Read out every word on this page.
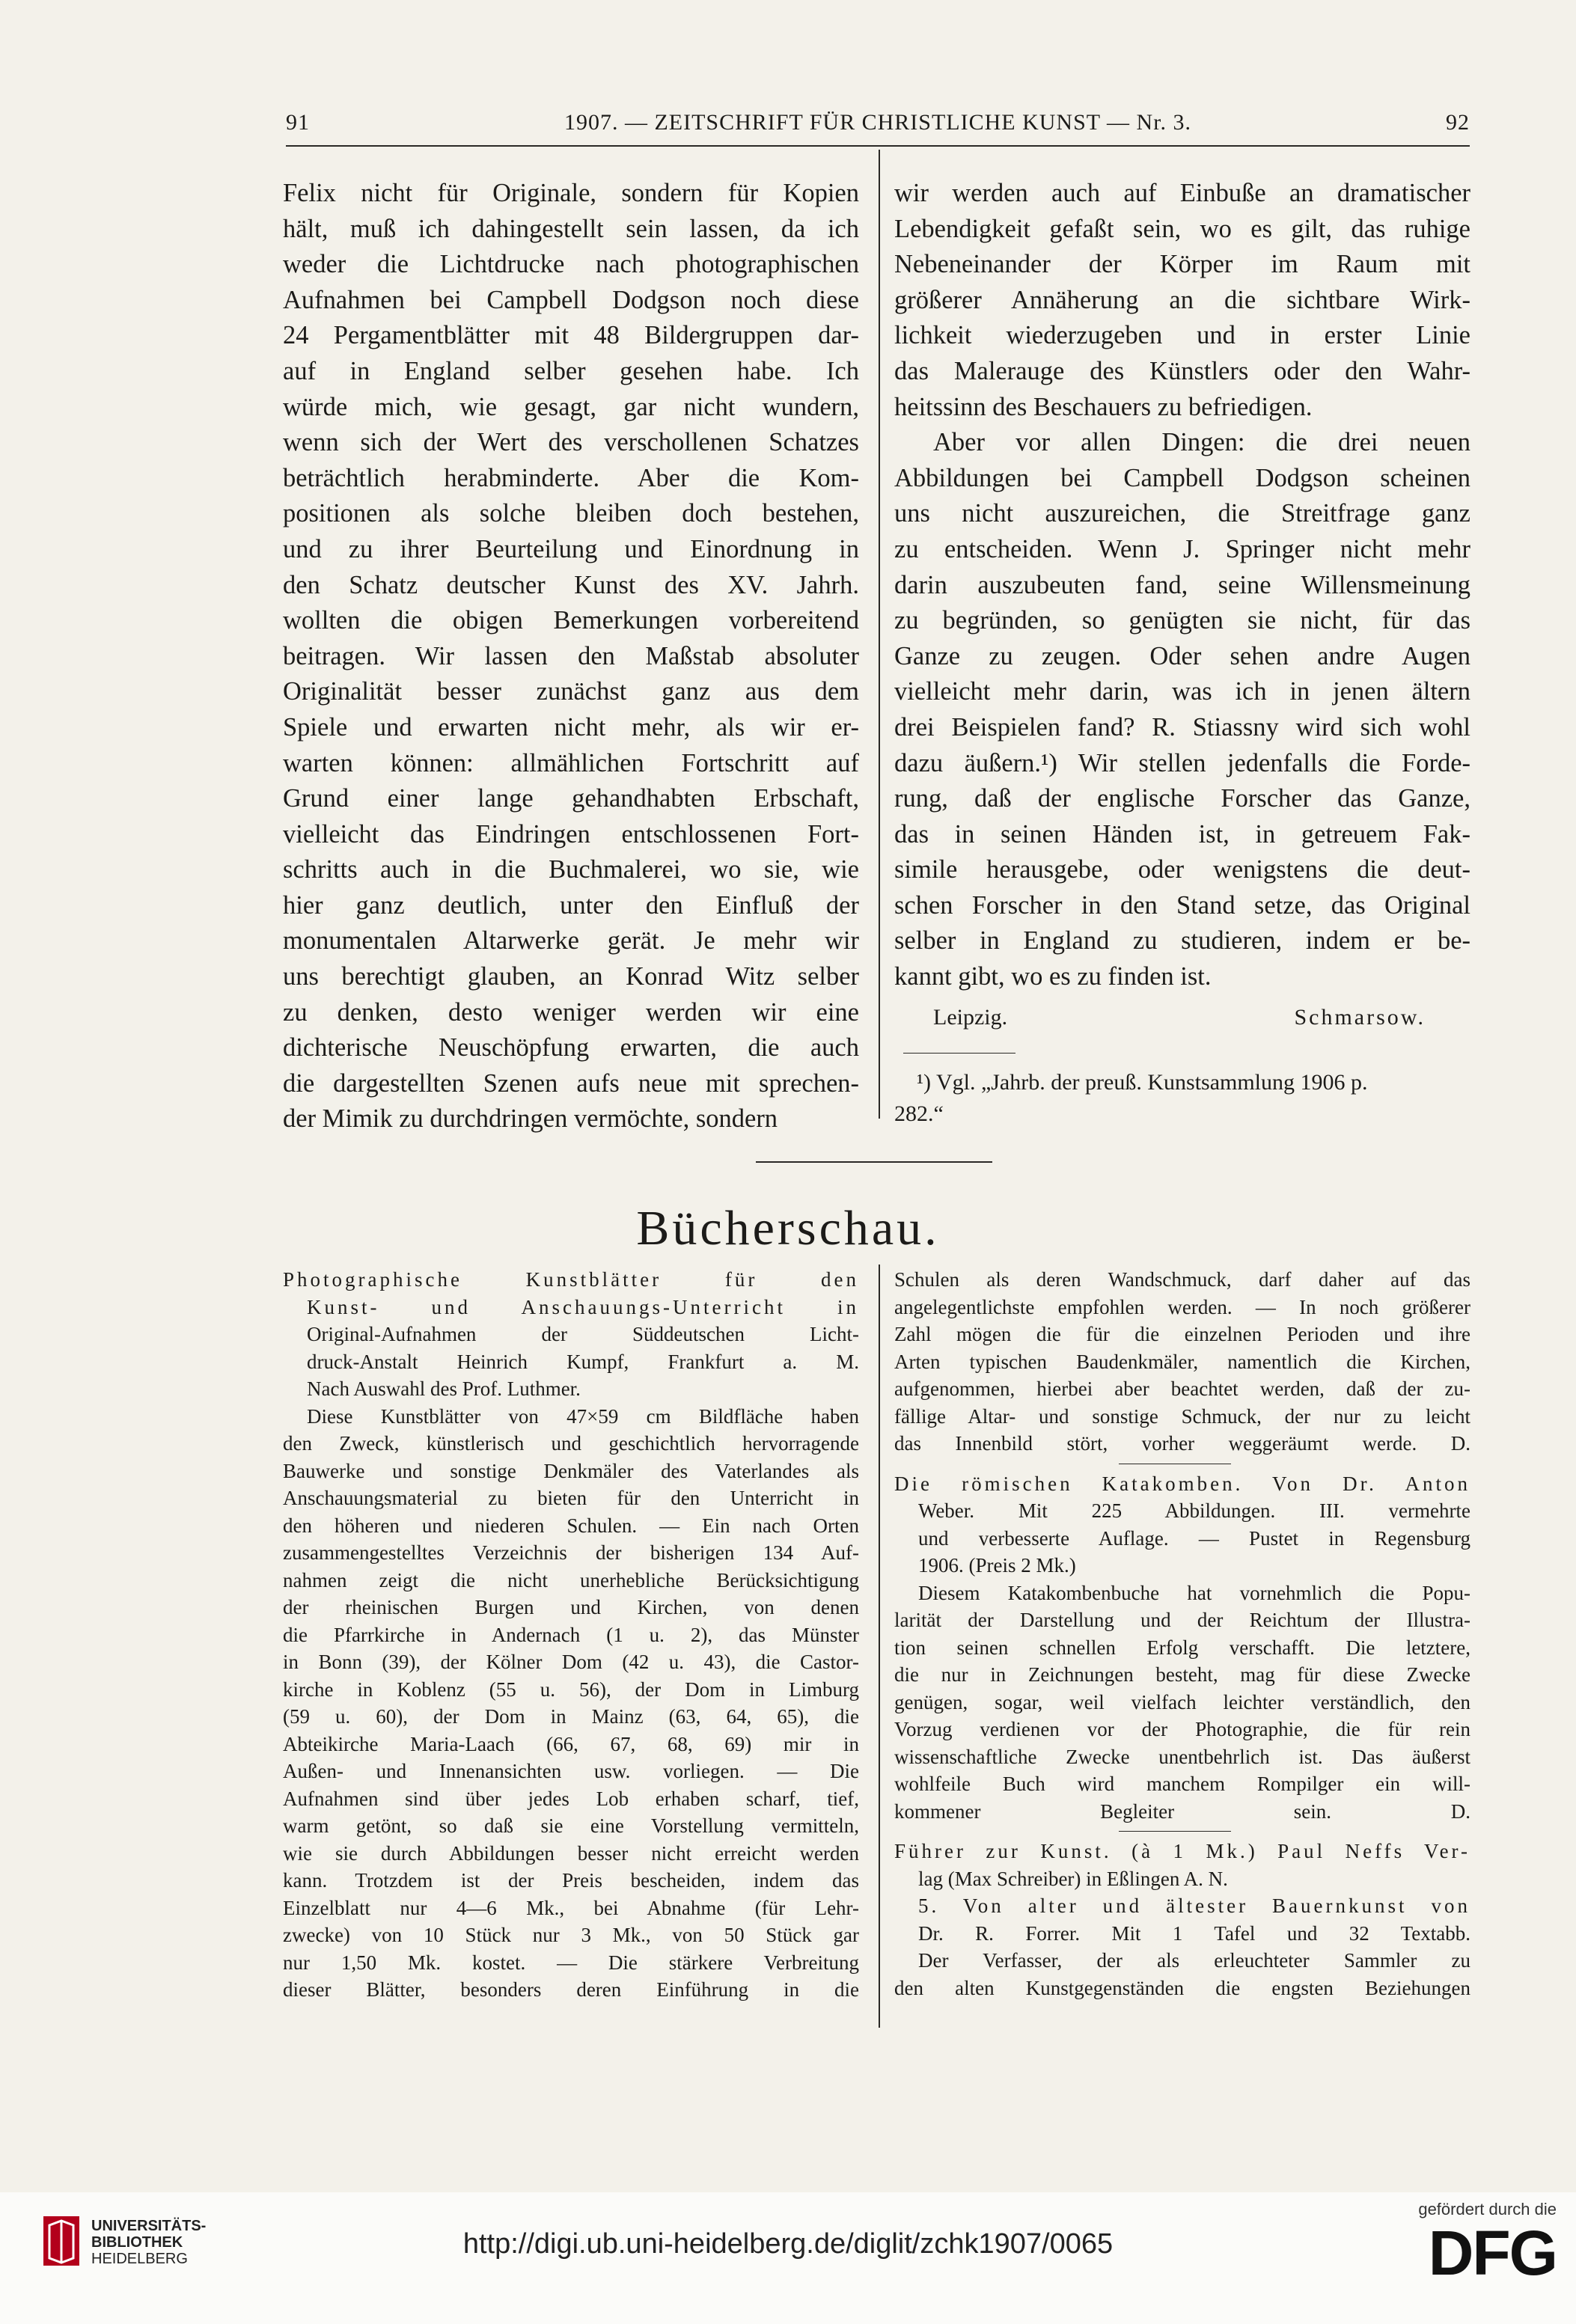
91	1907. — ZEITSCHRIFT FÜR CHRISTLICHE KUNST — Nr. 3.	92
Felix nicht für Originale, sondern für Kopien
hält, muß ich dahingestellt sein lassen, da ich
weder die Lichtdrucke nach photographischen
Aufnahmen bei Campbell Dodgson noch diese
24 Pergamentblätter mit 48 Bildergruppen dar-
auf in England selber gesehen habe. Ich
würde mich, wie gesagt, gar nicht wundern,
wenn sich der Wert des verschollenen Schatzes
beträchtlich herabminderte. Aber die Kom-
positionen als solche bleiben doch bestehen,
und zu ihrer Beurteilung und Einordnung in
den Schatz deutscher Kunst des XV. Jahrh.
wollten die obigen Bemerkungen vorbereitend
beitragen. Wir lassen den Maßstab absoluter
Originalität besser zunächst ganz aus dem
Spiele und erwarten nicht mehr, als wir er-
warten können: allmählichen Fortschritt auf
Grund einer lange gehandhabten Erbschaft,
vielleicht das Eindringen entschlossenen Fort-
schritts auch in die Buchmalerei, wo sie, wie
hier ganz deutlich, unter den Einfluß der
monumentalen Altarwerke gerät. Je mehr wir
uns berechtigt glauben, an Konrad Witz selber
zu denken, desto weniger werden wir eine
dichterische Neuschöpfung erwarten, die auch
die dargestellten Szenen aufs neue mit sprechen-
der Mimik zu durchdringen vermöchte, sondern
wir werden auch auf Einbuße an dramatischer
Lebendigkeit gefaßt sein, wo es gilt, das ruhige
Nebeneinander der Körper im Raum mit
größerer Annäherung an die sichtbare Wirk-
lichkeit wiederzugeben und in erster Linie
das Malerauge des Künstlers oder den Wahr-
heitssinn des Beschauers zu befriedigen.
Aber vor allen Dingen: die drei neuen
Abbildungen bei Campbell Dodgson scheinen
uns nicht auszureichen, die Streitfrage ganz
zu entscheiden. Wenn J. Springer nicht mehr
darin auszubeuten fand, seine Willensmeinung
zu begründen, so genügten sie nicht, für das
Ganze zu zeugen. Oder sehen andre Augen
vielleicht mehr darin, was ich in jenen ältern
drei Beispielen fand? R. Stiassny wird sich wohl
dazu äußern.¹) Wir stellen jedenfalls die Forde-
rung, daß der englische Forscher das Ganze,
das in seinen Händen ist, in getreuem Fak-
simile herausgebe, oder wenigstens die deut-
schen Forscher in den Stand setze, das Original
selber in England zu studieren, indem er be-
kannt gibt, wo es zu finden ist.
Leipzig.	Schmarsow.
¹) Vgl. „Jahrb. der preuß. Kunstsammlung 1906 p.
282.“
Bücherschau.
Photographische Kunstblätter für den
Kunst- und Anschauungs-Unterricht in
Original-Aufnahmen der Süddeutschen Licht-
druck-Anstalt Heinrich Kumpf, Frankfurt a. M.
Nach Auswahl des Prof. Luthmer.
Diese Kunstblätter von 47×59 cm Bildfläche haben
den Zweck, künstlerisch und geschichtlich hervorragende
Bauwerke und sonstige Denkmäler des Vaterlandes als
Anschauungsmaterial zu bieten für den Unterricht in
den höheren und niederen Schulen. — Ein nach Orten
zusammengestelltes Verzeichnis der bisherigen 134 Auf-
nahmen zeigt die nicht unerhebliche Berücksichtigung
der rheinischen Burgen und Kirchen, von denen
die Pfarrkirche in Andernach (1 u. 2), das Münster
in Bonn (39), der Kölner Dom (42 u. 43), die Castor-
kirche in Koblenz (55 u. 56), der Dom in Limburg
(59 u. 60), der Dom in Mainz (63, 64, 65), die
Abteikirche Maria-Laach (66, 67, 68, 69) mir in
Außen- und Innenansichten usw. vorliegen. — Die
Aufnahmen sind über jedes Lob erhaben scharf, tief,
warm getönt, so daß sie eine Vorstellung vermitteln,
wie sie durch Abbildungen besser nicht erreicht werden
kann. Trotzdem ist der Preis bescheiden, indem das
Einzelblatt nur 4—6 Mk., bei Abnahme (für Lehr-
zwecke) von 10 Stück nur 3 Mk., von 50 Stück gar
nur 1,50 Mk. kostet. — Die stärkere Verbreitung
dieser Blätter, besonders deren Einführung in die
Schulen als deren Wandschmuck, darf daher auf das
angelegentlichste empfohlen werden. — In noch größerer
Zahl mögen die für die einzelnen Perioden und ihre
Arten typischen Baudenkmäler, namentlich die Kirchen,
aufgenommen, hierbei aber beachtet werden, daß der zu-
fällige Altar- und sonstige Schmuck, der nur zu leicht
das Innenbild stört, vorher weggeräumt werde. D.
Die römischen Katakomben. Von Dr. Anton
Weber. Mit 225 Abbildungen. III. vermehrte
und verbesserte Auflage. — Pustet in Regensburg
1906. (Preis 2 Mk.)
Diesem Katakombenbuche hat vornehmlich die Popu-
larität der Darstellung und der Reichtum der Illustra-
tion seinen schnellen Erfolg verschafft. Die letztere,
die nur in Zeichnungen besteht, mag für diese Zwecke
genügen, sogar, weil vielfach leichter verständlich, den
Vorzug verdienen vor der Photographie, die für rein
wissenschaftliche Zwecke unentbehrlich ist. Das äußerst
wohlfeile Buch wird manchem Rompilger ein will-
kommener Begleiter sein. D.
Führer zur Kunst. (à 1 Mk.) Paul Neffs Ver-
lag (Max Schreiber) in Eßlingen A. N.
5. Von alter und ältester Bauernkunst von
Dr. R. Forrer. Mit 1 Tafel und 32 Textabb.
Der Verfasser, der als erleuchteter Sammler zu
den alten Kunstgegenständen die engsten Beziehungen
UNIVERSITÄTS-
BIBLIOTHEK
HEIDELBERG	http://digi.ub.uni-heidelberg.de/diglit/zchk1907/0065
gefördert durch die
DFG
